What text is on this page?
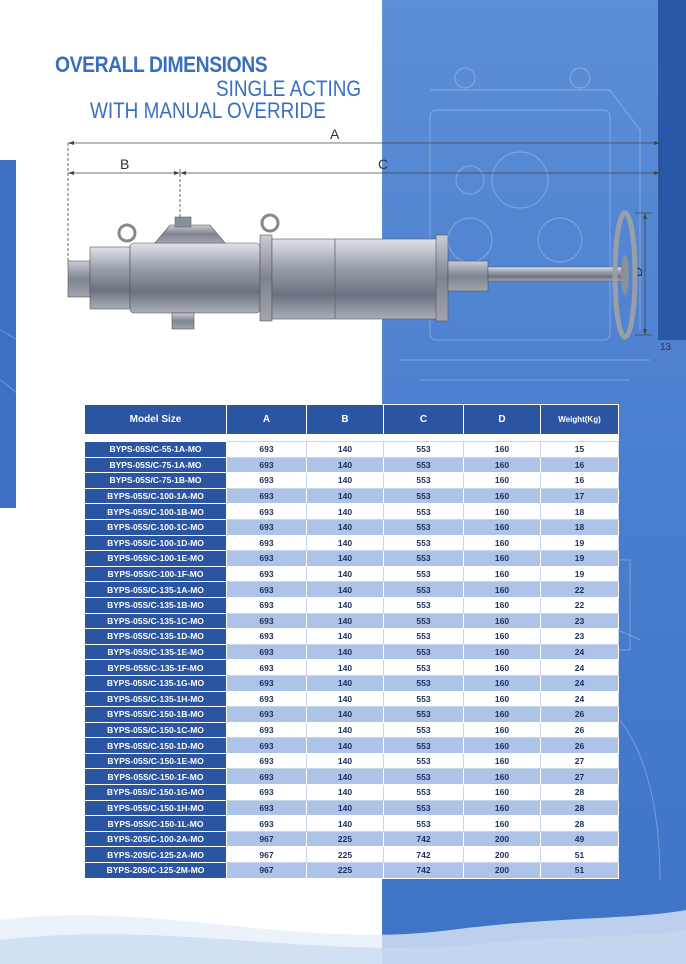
13
OVERALL DIMENSIONS
SINGLE ACTING
WITH MANUAL OVERRIDE
A
B	C
D
Model Size	A	B	C	D	Weight(Kg)

BYPS-05S/C-55-1A-MO	693	140	553	160	15
BYPS-05S/C-75-1A-MO	693	140	553	160	16
BYPS-05S/C-75-1B-MO	693	140	553	160	16
BYPS-05S/C-100-1A-MO	693	140	553	160	17
BYPS-05S/C-100-1B-MO	693	140	553	160	18
BYPS-05S/C-100-1C-MO	693	140	553	160	18
BYPS-05S/C-100-1D-MO	693	140	553	160	19
BYPS-05S/C-100-1E-MO	693	140	553	160	19
BYPS-05S/C-100-1F-MO	693	140	553	160	19
BYPS-05S/C-135-1A-MO	693	140	553	160	22
BYPS-05S/C-135-1B-MO	693	140	553	160	22
BYPS-05S/C-135-1C-MO	693	140	553	160	23
BYPS-05S/C-135-1D-MO	693	140	553	160	23
BYPS-05S/C-135-1E-MO	693	140	553	160	24
BYPS-05S/C-135-1F-MO	693	140	553	160	24
BYPS-05S/C-135-1G-MO	693	140	553	160	24
BYPS-05S/C-135-1H-MO	693	140	553	160	24
BYPS-05S/C-150-1B-MO	693	140	553	160	26
BYPS-05S/C-150-1C-MO	693	140	553	160	26
BYPS-05S/C-150-1D-MO	693	140	553	160	26
BYPS-05S/C-150-1E-MO	693	140	553	160	27
BYPS-05S/C-150-1F-MO	693	140	553	160	27
BYPS-05S/C-150-1G-MO	693	140	553	160	28
BYPS-05S/C-150-1H-MO	693	140	553	160	28
BYPS-05S/C-150-1L-MO	693	140	553	160	28
BYPS-20S/C-100-2A-MO	967	225	742	200	49
BYPS-20S/C-125-2A-MO	967	225	742	200	51
BYPS-20S/C-125-2M-MO	967	225	742	200	51
